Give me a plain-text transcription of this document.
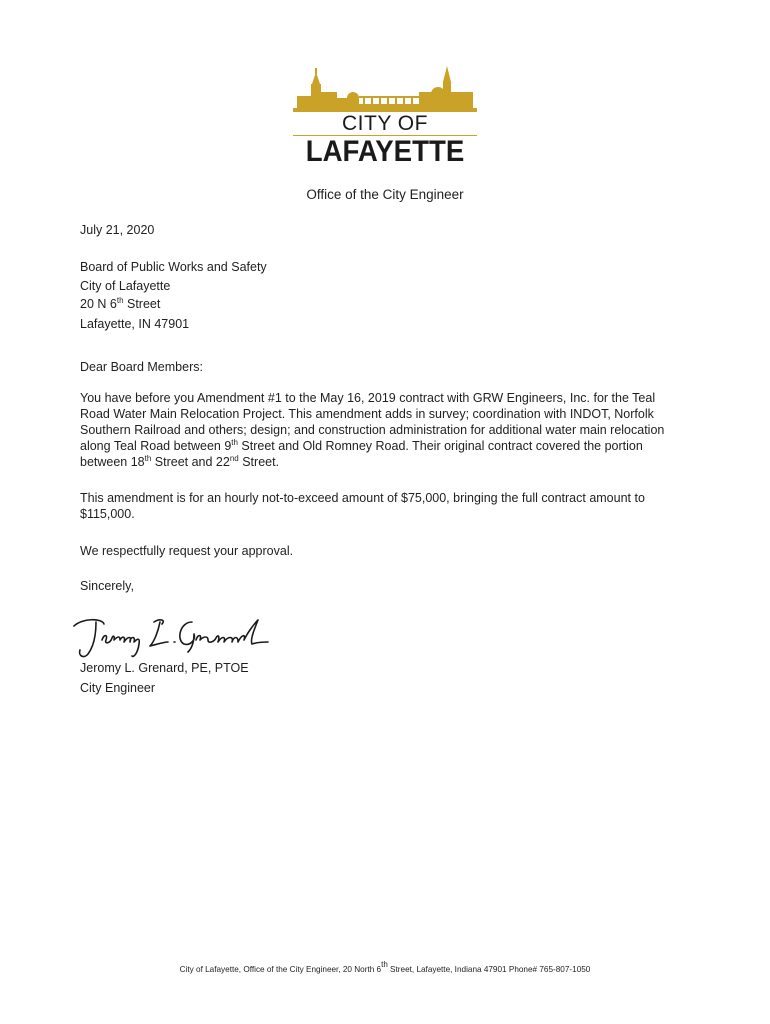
CITY OF
LAFAYETTE
Office of the City Engineer
July 21, 2020
Board of Public Works and Safety
City of Lafayette
20 N 6th Street
Lafayette, IN 47901
Dear Board Members:
You have before you Amendment #1 to the May 16, 2019 contract with GRW Engineers, Inc. for the Teal
Road Water Main Relocation Project. This amendment adds in survey; coordination with INDOT, Norfolk
Southern Railroad and others; design; and construction administration for additional water main relocation
along Teal Road between 9th Street and Old Romney Road. Their original contract covered the portion
between 18th Street and 22nd Street.
This amendment is for an hourly not-to-exceed amount of $75,000, bringing the full contract amount to
$115,000.
We respectfully request your approval.
Sincerely,
Jeromy L. Grenard, PE, PTOE
City Engineer
City of Lafayette, Office of the City Engineer, 20 North 6th Street, Lafayette, Indiana 47901 Phone# 765-807-1050
